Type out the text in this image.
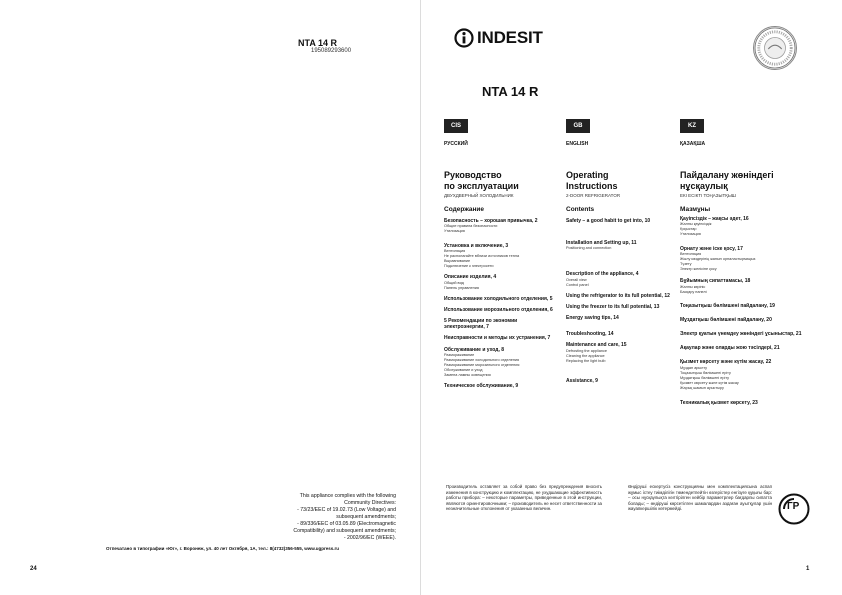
NTA 14 R
195089293600
This appliance complies with the following
Community Directives:
- 73/23/EEC of 19.02.73 (Low Voltage) and
subsequent amendments;
- 89/336/EEC of 03.05.89 (Electromagnetic
Compatibility) and subsequent amendments;
- 2002/96/EC (WEEE).
Отпечатано в типографии «Юг», г. Воронеж, ул. 40 лет Октября, 1А, тел.: 8(4732)356-555, www.ugpress.ru
24
INDESIT
NTA 14 R
CIS
РУССКИЙ
Руководство
по эксплуатации
ДВУХДВЕРНЫЙ ХОЛОДИЛЬНИК
Содержание
Безопасность – хорошая привычка, 2
Общие правила безопасности
Утилизация
Установка и включение, 3
Вентиляция
Не располагайте вблизи источников тепла
Выравнивание
Подключение к электросети
Описание изделия, 4
Общий вид
Панель управления
Использование холодильного отделения, 5
Использование морозильного отделения, 6
5 Рекомендации по экономии электроэнергии, 7
Неисправности и методы их устранения, 7
Обслуживание и уход, 8
Размораживание
Размораживание холодильного отделения
Размораживание морозильного отделения
Обслуживание и уход
Замена лампы освещения
Техническое обслуживание, 9
GB
ENGLISH
Operating
Instructions
2-DOOR REFRIGERATOR
Contents
Safety – a good habit to get into, 10
Installation and Setting up, 11
Positioning and connection
Description of the appliance, 4
Overall view
Control panel
Using the refrigerator to its full potential, 12
Using the freezer to its full potential, 13
Energy saving tips, 14
Troubleshooting, 14
Maintenance and care, 15
Defrosting the appliance
Cleaning the appliance
Replacing the light bulb
Assistance, 9
KZ
ҚАЗАҚША
Пайдалану жөніндегі
нұсқаулық
ЕКІ ЕСІКТІ ТОҢАЗЫТҚЫШ
Мазмұны
Қауіпсіздік – жақсы әдет, 16
Жалпы қауіпсіздік
Қоқыстар
Утилизация
Орнату және іске қосу, 17
Вентиляция
Жылу көздерінің жанын орналастырмаңыз
Түзету
Электр желісіне қосу
Бұйымның сипаттамасы, 18
Жалпы көрініс
Басқару панелі
Тоңазытқыш бөлімшені пайдалану, 19
Мұздатқыш бөлімшені пайдалану, 20
Электр қуатын үнемдеу жөніндегі ұсыныстар, 21
Ақаулар және оларды жою тәсілдері, 21
Қызмет көрсету және күтім жасау, 22
Мұздан арылту
Тоңазытқыш бөлімшені еріту
Мұздатқыш бөлімшені еріту
Қызмет көрсету және күтім жасау
Жарық шамын ауыстыру
Техникалық қызмет көрсету, 23
Производитель оставляет за собой право без предупреждения вносить изменения в конструкцию и комплектацию, не ухудшающие эффективность работы прибора: – некоторые параметры, приведенные в этой инструкции, являются ориентировочными; – производитель не несет ответственности за незначительные отклонения от указанных величин.
Өндіруші ескертусіз конструкцияны мен комплектациясына аспап жұмыс істеу тиімділігін төмендетпейтін өзгерістер енгізуге құқығы бар: – осы нұсқаулықта келтірілген кейбір параметрлер бағдарлы сипатта болады; – өндіруші көрсетілген шамалардан аздаған ауытқулар үшін жауапкершілік көтермейді.	ГР
1
